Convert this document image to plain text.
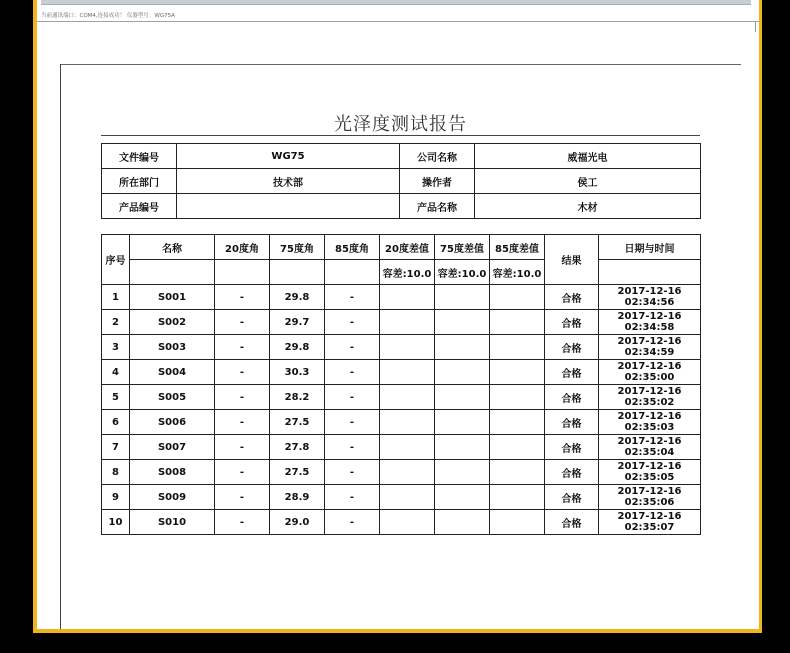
当前通讯端口：COM4,连接成功！ 仪器型号：WG75A
光泽度测试报告
文件编号	WG75	公司名称	威福光电
所在部门	技术部	操作者	侯工
产品编号		产品名称	木材
序号	名称	20度角	75度角	85度角	20度差值	75度差值	85度差值	结果	日期与时间
					容差:10.0	容差:10.0	容差:10.0		
1	S001	-	29.8	-				合格	2017-12-16 02:34:56
2	S002	-	29.7	-				合格	2017-12-16 02:34:58
3	S003	-	29.8	-				合格	2017-12-16 02:34:59
4	S004	-	30.3	-				合格	2017-12-16 02:35:00
5	S005	-	28.2	-				合格	2017-12-16 02:35:02
6	S006	-	27.5	-				合格	2017-12-16 02:35:03
7	S007	-	27.8	-				合格	2017-12-16 02:35:04
8	S008	-	27.5	-				合格	2017-12-16 02:35:05
9	S009	-	28.9	-				合格	2017-12-16 02:35:06
10	S010	-	29.0	-				合格	2017-12-16 02:35:07
